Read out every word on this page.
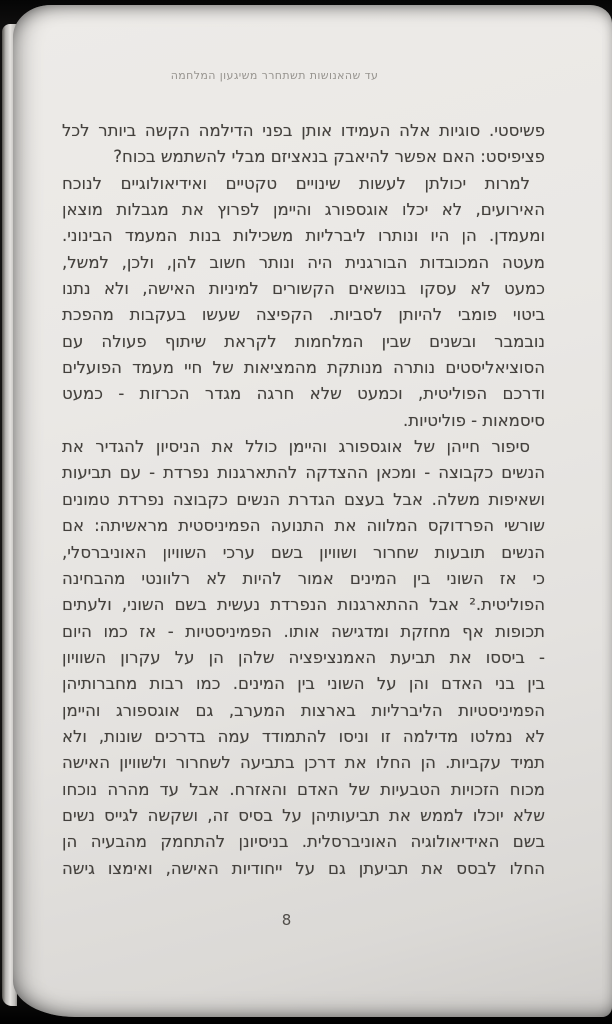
עד שהאנושות תשתחרר משיגעון המלחמה
פשיסטי. סוגיות אלה העמידו אותן בפני הדילמה הקשה ביותר לכל
פציפיסט: האם אפשר להיאבק בנאציזם מבלי להשתמש בכוח?
למרות יכולתן לעשות שינויים טקטיים ואידיאולוגיים לנוכח
האירועים, לא יכלו אוגספורג והיימן לפרוץ את מגבלות מוצאן
ומעמדן. הן היו ונותרו ליברליות משכילות בנות המעמד הבינוני.
מעטה המכובדות הבורגנית היה ונותר חשוב להן, ולכן, למשל,
כמעט לא עסקו בנושאים הקשורים למיניות האישה, ולא נתנו
ביטוי פומבי להיותן לסביות. הקפיצה שעשו בעקבות מהפכת
נובמבר ובשנים שבין המלחמות לקראת שיתוף פעולה עם
הסוציאליסטים נותרה מנותקת מהמציאות של חיי מעמד הפועלים
ודרכם הפוליטית, וכמעט שלא חרגה מגדר הכרזות - כמעט
סיסמאות - פוליטיות.
סיפור חייהן של אוגספורג והיימן כולל את הניסיון להגדיר את
הנשים כקבוצה - ומכאן ההצדקה להתארגנות נפרדת - עם תביעות
ושאיפות משלה. אבל בעצם הגדרת הנשים כקבוצה נפרדת טמונים
שורשי הפרדוקס המלווה את התנועה הפמיניסטית מראשיתה: אם
הנשים תובעות שחרור ושוויון בשם ערכי השוויון האוניברסלי,
כי אז השוני בין המינים אמור להיות לא רלוונטי מהבחינה
הפוליטית.² אבל ההתארגנות הנפרדת נעשית בשם השוני, ולעתים
תכופות אף מחזקת ומדגישה אותו. הפמיניסטיות - אז כמו היום
- ביססו את תביעת האמנציפציה שלהן הן על עקרון השוויון
בין בני האדם והן על השוני בין המינים. כמו רבות מחברותיהן
הפמיניסטיות הליברליות בארצות המערב, גם אוגספורג והיימן
לא נמלטו מדילמה זו וניסו להתמודד עמה בדרכים שונות, ולא
תמיד עקביות. הן החלו את דרכן בתביעה לשחרור ולשוויון האישה
מכוח הזכויות הטבעיות של האדם והאזרח. אבל עד מהרה נוכחו
שלא יוכלו לממש את תביעותיהן על בסיס זה, ושקשה לגייס נשים
בשם האידיאולוגיה האוניברסלית. בניסיונן להתחמק מהבעיה הן
החלו לבסס את תביעתן גם על ייחודיות האישה, ואימצו גישה
8
